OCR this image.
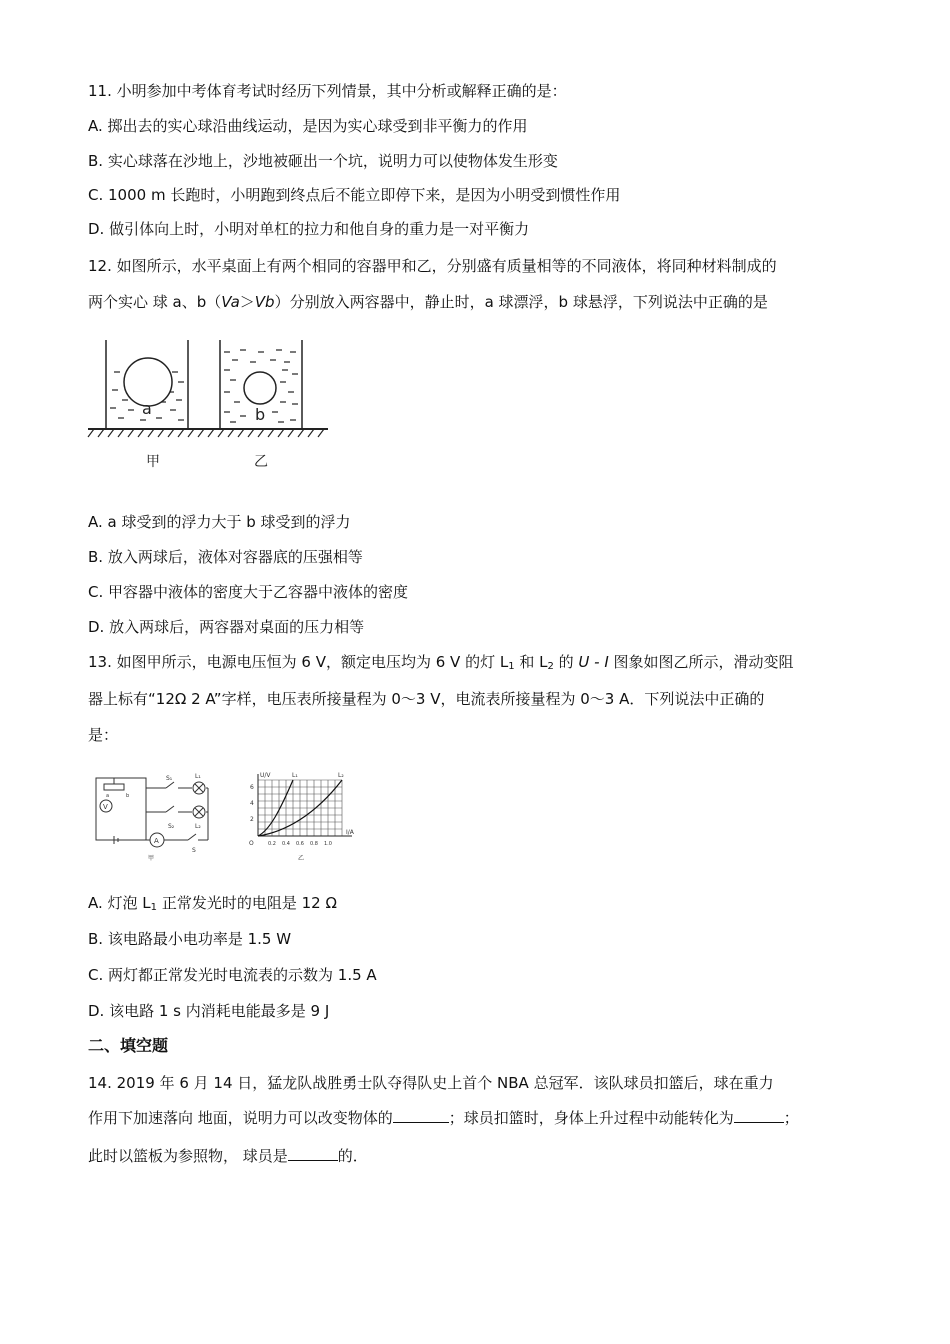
11. 小明参加中考体育考试时经历下列情景，其中分析或解释正确的是：
A. 掷出去的实心球沿曲线运动，是因为实心球受到非平衡力的作用
B. 实心球落在沙地上，沙地被砸出一个坑，说明力可以使物体发生形变
C. 1000 m 长跑时，小明跑到终点后不能立即停下来，是因为小明受到惯性作用
D. 做引体向上时，小明对单杠的拉力和他自身的重力是一对平衡力
12. 如图所示，水平桌面上有两个相同的容器甲和乙，分别盛有质量相等的不同液体，将同种材料制成的
两个实心 球 a、b（Va＞Vb）分别放入两容器中，静止时，a 球漂浮，b 球悬浮，下列说法中正确的是
a	b
甲	乙
A. a 球受到的浮力大于 b 球受到的浮力
B. 放入两球后，液体对容器底的压强相等
C. 甲容器中液体的密度大于乙容器中液体的密度
D. 放入两球后，两容器对桌面的压力相等
13. 如图甲所示，电源电压恒为 6 V，额定电压均为 6 V 的灯 $L_1$ 和 $L_2$ 的 U - I 图象如图乙所示，滑动变阻
器上标有“12Ω 2 A”字样，电压表所接量程为 0～3 V，电流表所接量程为 0～3 A．下列说法中正确的
是：
V
A
S₁	L₁
S₂	L₂
S
a	b
甲
U/V
I/A
L₁	L₂
6
4
2
O	0.2 0.4 0.6 0.8 1.0
乙
A. 灯泡 $L_1$ 正常发光时的电阻是 12 Ω
B. 该电路最小电功率是 1.5 W
C. 两灯都正常发光时电流表的示数为 1.5 A
D. 该电路 1 s 内消耗电能最多是 9 J
二、填空题
14. 2019 年 6 月 14 日，猛龙队战胜勇士队夺得队史上首个 NBA 总冠军．该队球员扣篮后，球在重力
作用下加速落向 地面，说明力可以改变物体的	；球员扣篮时，身体上升过程中动能转化为	；
此时以篮板为参照物， 球员是	的．
